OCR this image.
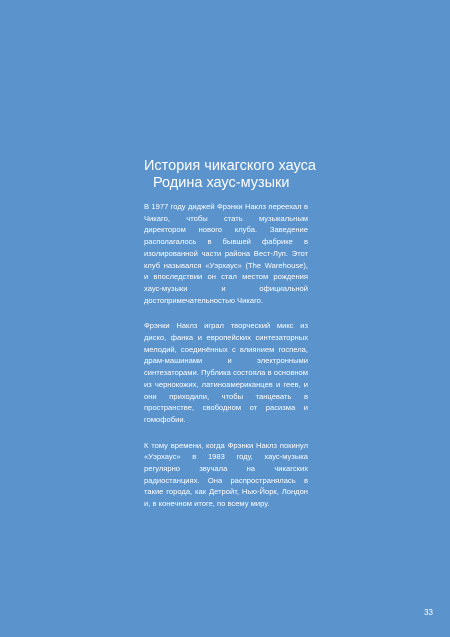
История чикагского хауса
Родина хаус-музыки

В 1977 году диджей Фрэнки Наклз переехал в Чикаго, чтобы стать музыкальным директором нового клуба. Заведение располагалось в бывшей фабрике в изолированной части района Вест-Луп. Этот клуб назывался «Уэрхаус» (The Warehouse), и впоследствии он стал местом рождения хаус-музыки и официальной достопримечательностью Чикаго.

Фрэнки Наклз играл творческий микс из диско, фанка и европейских синтезаторных мелодий, соединённых с влиянием госпела, драм-машинами и электронными синтезаторами. Публика состояла в основном из чернокожих, латиноамериканцев и геев, и они приходили, чтобы танцевать в пространстве, свободном от расизма и гомофобии.

К тому времени, когда Фрэнки Наклз покинул «Уэрхаус» в 1983 году, хаус-музыка регулярно звучала на чикагских радиостанциях. Она распространялась в такие города, как Детройт, Нью-Йорк, Лондон и, в конечном итоге, по всему миру.

33
